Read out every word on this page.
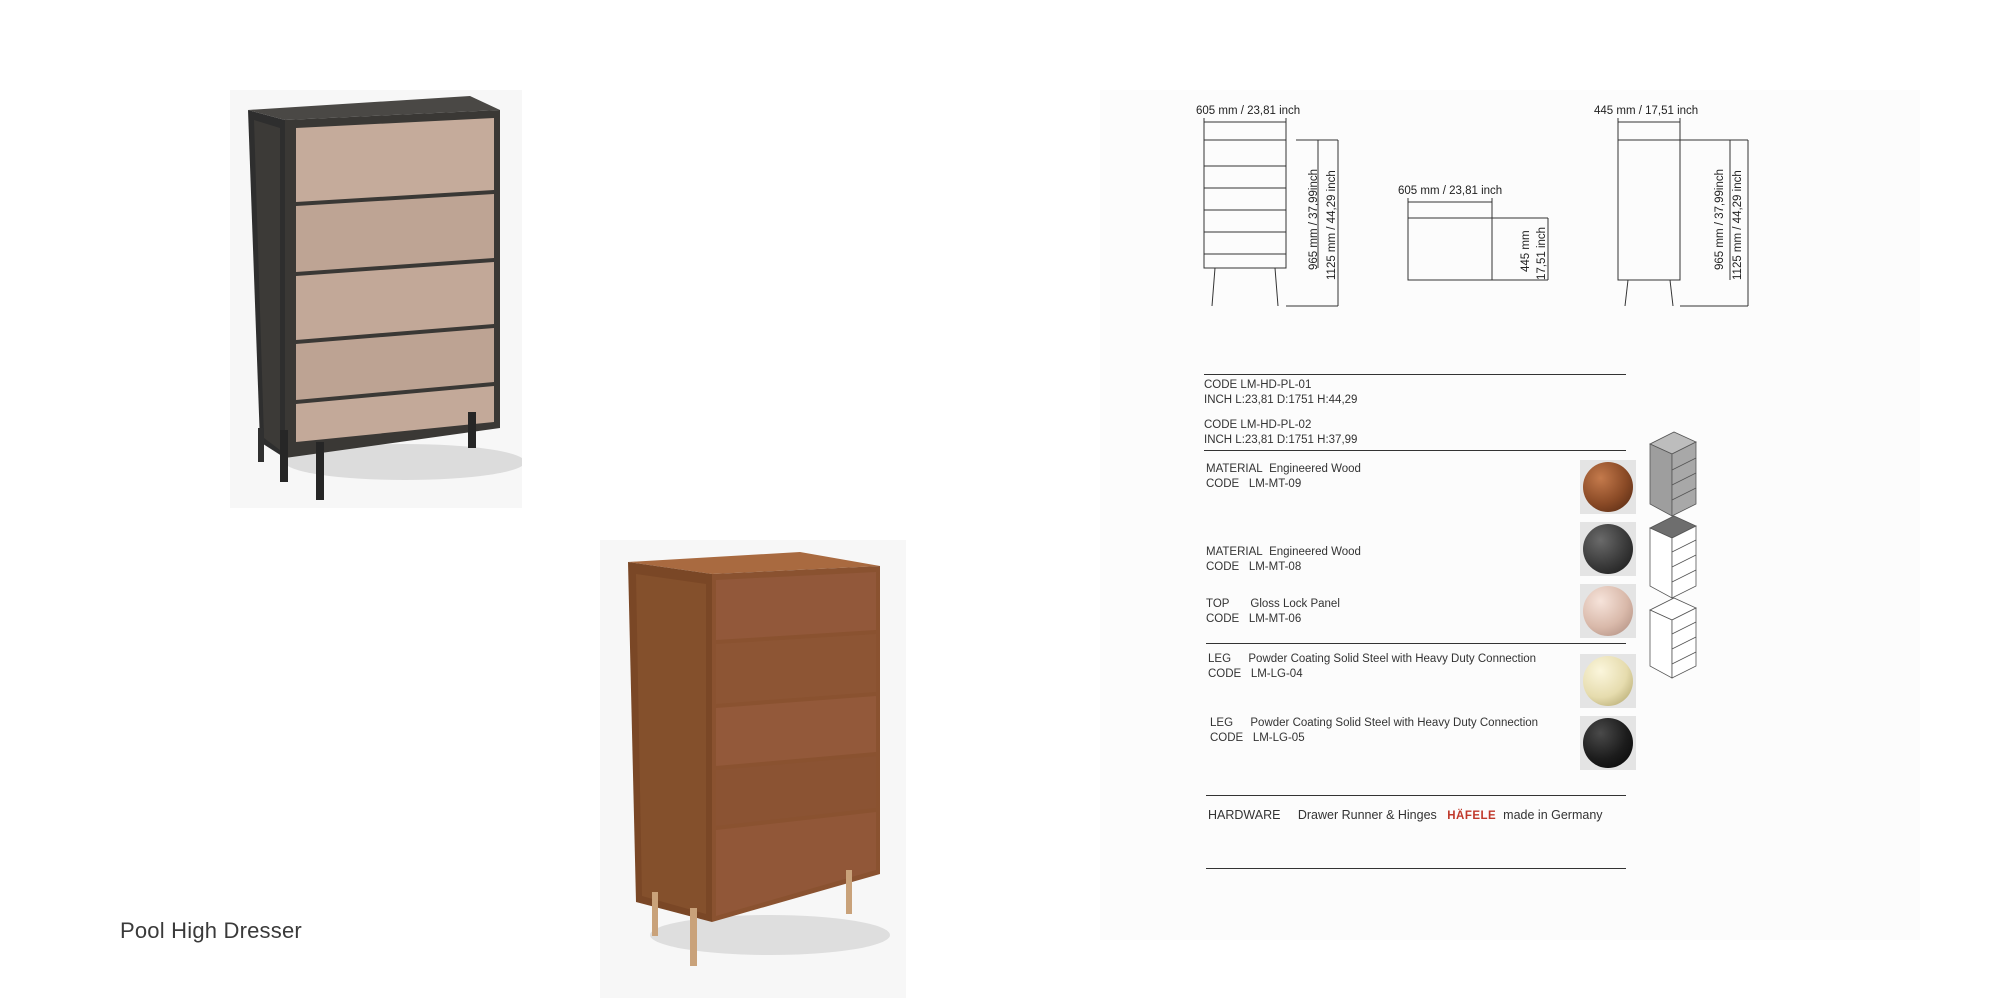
Pool High Dresser
605 mm / 23,81 inch
965 mm / 37,99inch 1125 mm / 44,29 inch	605 mm / 23,81 inch
445 mm 17,51 inch
445 mm / 17,51 inch
965 mm / 37,99inch 1125 mm / 44,29 inch
CODE LM-HD-PL-01
INCH L:23,81 D:1751 H:44,29
CODE LM-HD-PL-02
INCH L:23,81 D:1751 H:37,99
MATERIAL Engineered Wood
CODE LM-MT-09
MATERIAL Engineered Wood
CODE LM-MT-08
TOP Gloss Lock Panel
CODE LM-MT-06
LEG Powder Coating Solid Steel with Heavy Duty Connection
CODE LM-LG-04
LEG Powder Coating Solid Steel with Heavy Duty Connection
CODE LM-LG-05
HARDWARE Drawer Runner & Hinges HÄFELE made in Germany
